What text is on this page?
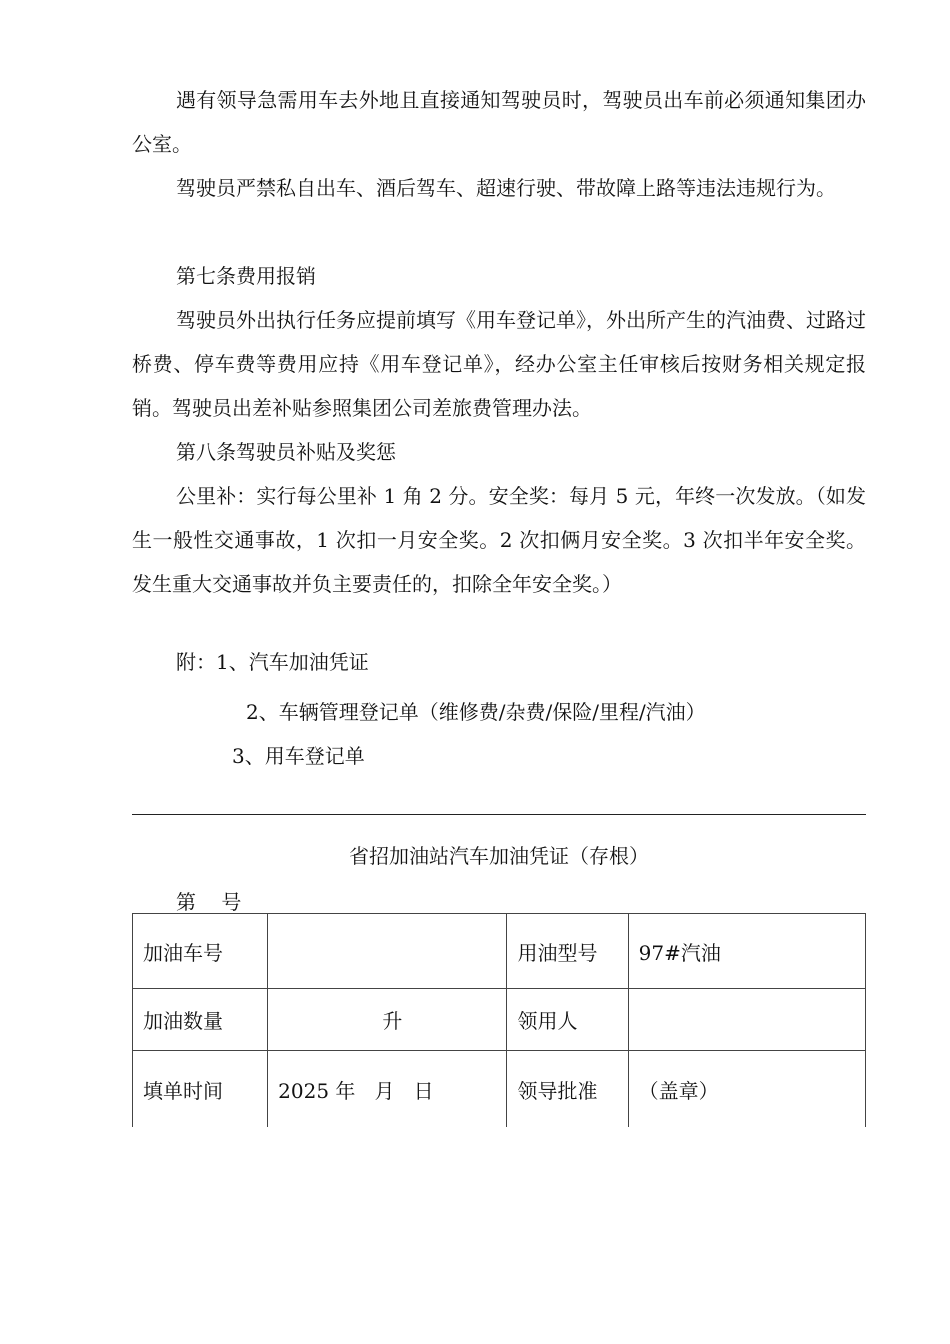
遇有领导急需用车去外地且直接通知驾驶员时，驾驶员出车前必须通知集团办公室。

驾驶员严禁私自出车、酒后驾车、超速行驶、带故障上路等违法违规行为。

第七条费用报销

驾驶员外出执行任务应提前填写《用车登记单》，外出所产生的汽油费、过路过桥费、停车费等费用应持《用车登记单》，经办公室主任审核后按财务相关规定报销。驾驶员出差补贴参照集团公司差旅费管理办法。

第八条驾驶员补贴及奖惩

公里补：实行每公里补 1 角 2 分。安全奖：每月 5 元，年终一次发放。（如发生一般性交通事故，1 次扣一月安全奖。2 次扣俩月安全奖。3 次扣半年安全奖。发生重大交通事故并负主要责任的，扣除全年安全奖。）

附：1、汽车加油凭证
2、车辆管理登记单（维修费/杂费/保险/里程/汽油）
3、用车登记单
省招加油站汽车加油凭证（存根）
第    号
加油车号		用油型号	97#汽油
加油数量	升	领用人	
填单时间	2025 年   月   日	领导批准	（盖章）
